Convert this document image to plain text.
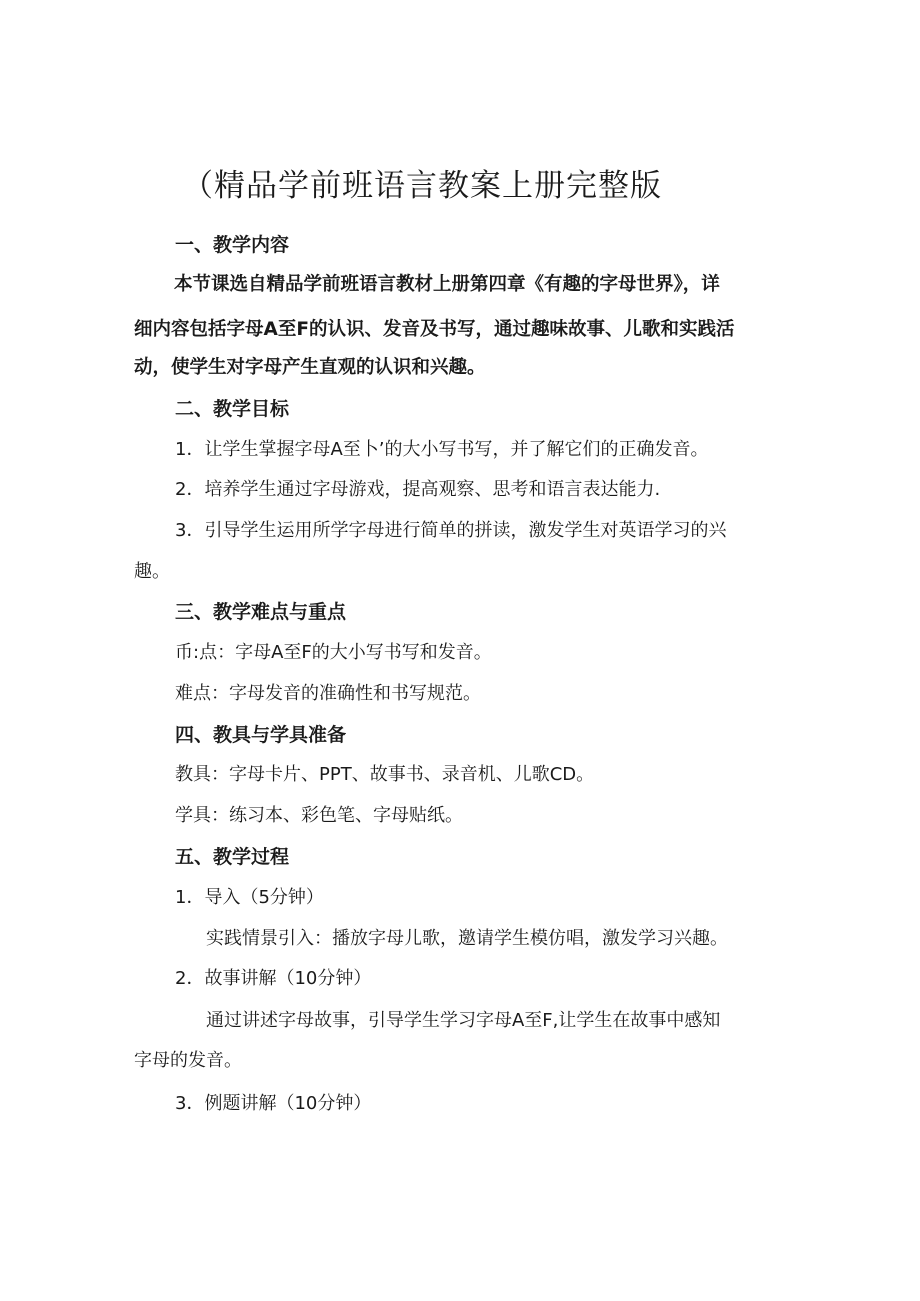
（精品学前班语言教案上册完整版
一、教学内容
本节课选自精品学前班语言教材上册第四章《有趣的字母世界》，详
细内容包括字母A至F的认识、发音及书写，通过趣味故事、儿歌和实践活
动，使学生对字母产生直观的认识和兴趣。
二、教学目标
1．让学生掌握字母A至卜’的大小写书写，并了解它们的正确发音。
2．培养学生通过字母游戏，提高观察、思考和语言表达能力.
3．引导学生运用所学字母进行简单的拼读，激发学生对英语学习的兴
趣。
三、教学难点与重点
币:点：字母A至F的大小写书写和发音。
难点：字母发音的准确性和书写规范。
四、教具与学具准备
教具：字母卡片、PPT、故事书、录音机、儿歌CD。
学具：练习本、彩色笔、字母贴纸。
五、教学过程
1．导入（5分钟）
实践情景引入：播放字母儿歌，邀请学生模仿唱，激发学习兴趣。
2．故事讲解（10分钟）
通过讲述字母故事，引导学生学习字母A至F,让学生在故事中感知
字母的发音。
3．例题讲解（10分钟）
